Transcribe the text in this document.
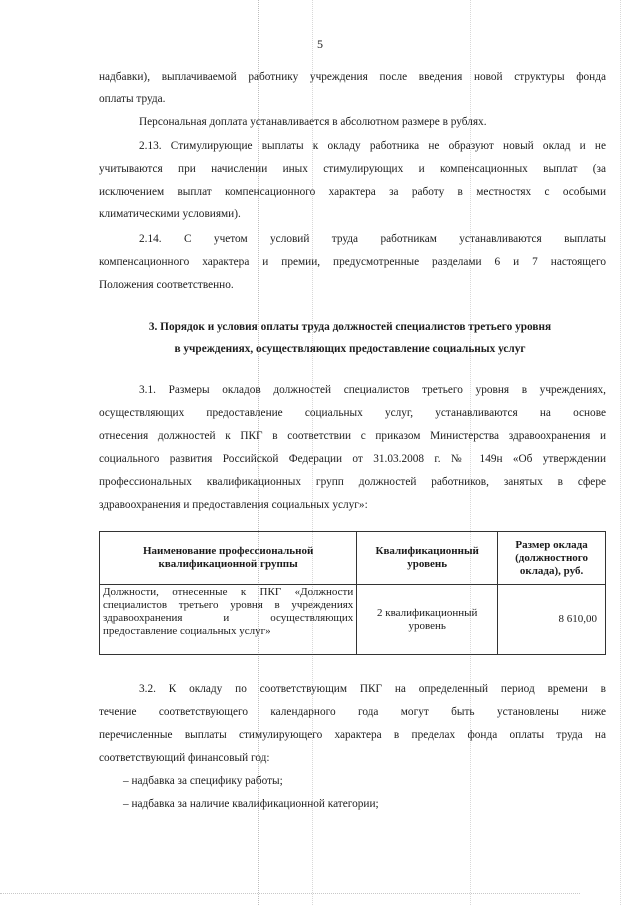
5
надбавки), выплачиваемой работнику учреждения после введения новой структуры фонда
оплаты труда.
Персональная доплата устанавливается в абсолютном размере в рублях.
2.13. Стимулирующие выплаты к окладу работника не образуют новый оклад и не
учитываются при начислении иных стимулирующих и компенсационных выплат (за
исключением выплат компенсационного характера за работу в местностях с особыми
климатическими условиями).
2.14. С учетом условий труда работникам устанавливаются выплаты
компенсационного характера и премии, предусмотренные разделами 6 и 7 настоящего
Положения соответственно.
3. Порядок и условия оплаты труда должностей специалистов третьего уровня
в учреждениях, осуществляющих предоставление социальных услуг
3.1. Размеры окладов должностей специалистов третьего уровня в учреждениях,
осуществляющих предоставление социальных услуг, устанавливаются на основе
отнесения должностей к ПКГ в соответствии с приказом Министерства здравоохранения и
социального развития Российской Федерации от 31.03.2008 г. № 149н «Об утверждении
профессиональных квалификационных групп должностей работников, занятых в сфере
здравоохранения и предоставления социальных услуг»:
Наименование профессиональной квалификационной группы	Квалификационный уровень	Размер оклада (должностного оклада), руб.
Должности, отнесенные к ПКГ «Должности специалистов третьего уровня в учреждениях здравоохранения и осуществляющих предоставление социальных услуг»	2 квалификационный уровень	8 610,00
3.2. К окладу по соответствующим ПКГ на определенный период времени в
течение соответствующего календарного года могут быть установлены ниже
перечисленные выплаты стимулирующего характера в пределах фонда оплаты труда на
соответствующий финансовый год:
– надбавка за специфику работы;
– надбавка за наличие квалификационной категории;
